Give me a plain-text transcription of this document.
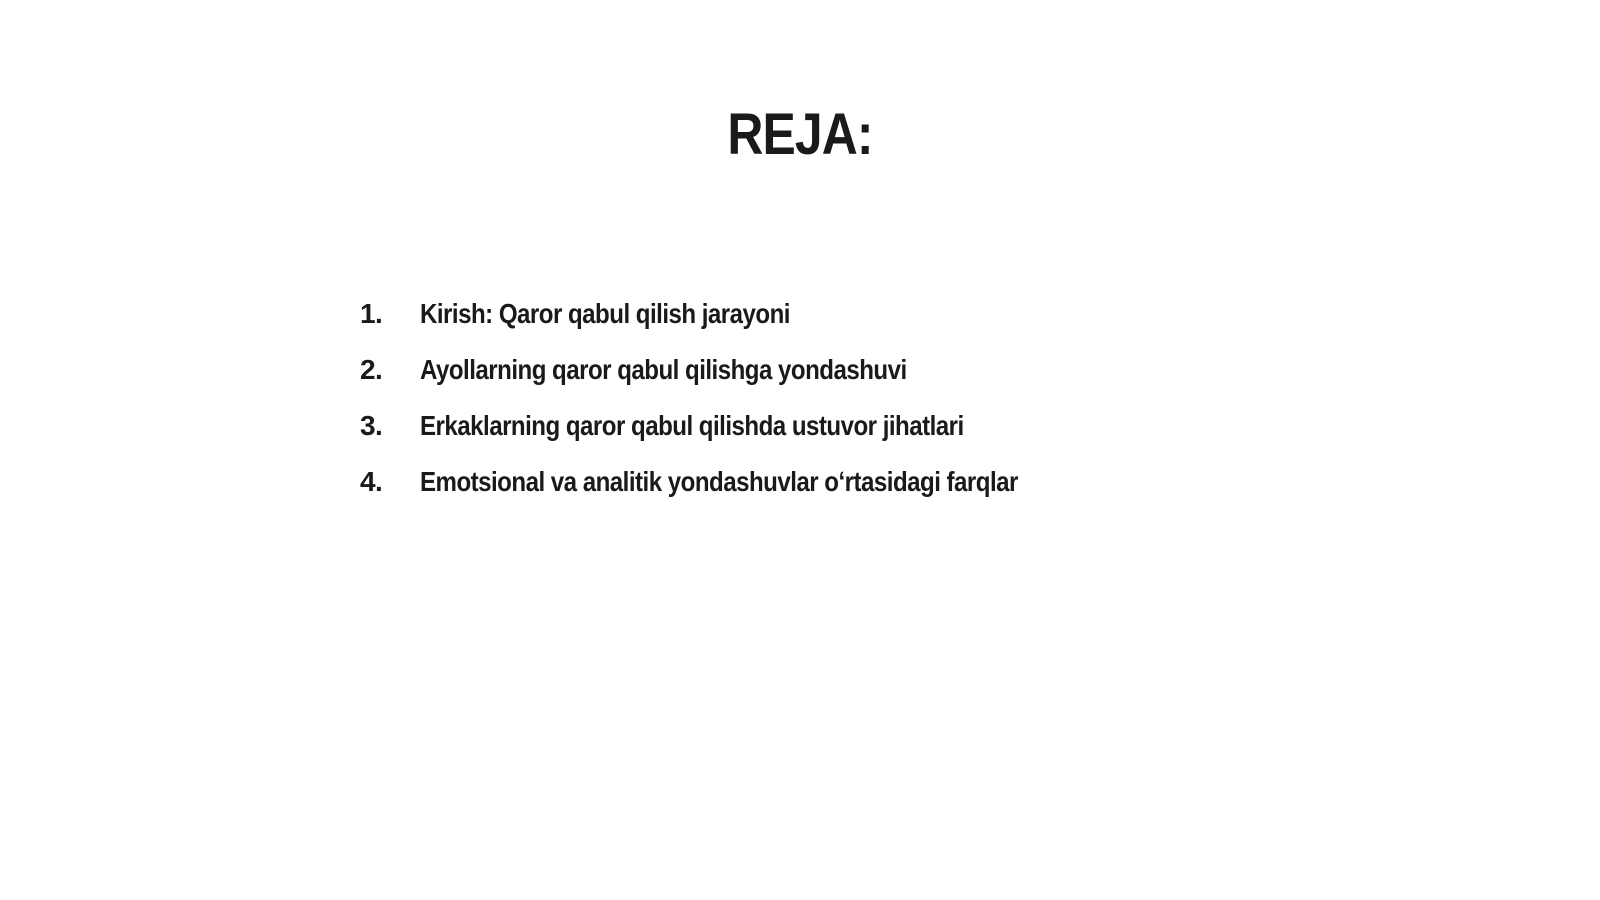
REJA:
1.	Kirish: Qaror qabul qilish jarayoni
2.	Ayollarning qaror qabul qilishga yondashuvi
3.	Erkaklarning qaror qabul qilishda ustuvor jihatlari
4.	Emotsional va analitik yondashuvlar oʻrtasidagi farqlar
